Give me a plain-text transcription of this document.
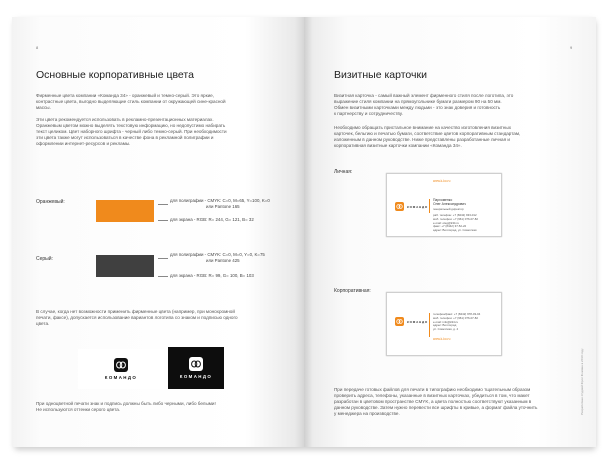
8
Основные корпоративные цвета
Фирменные цвета компании «Команда 34» - оранжевый и темно-серый. Это яркие,
контрастные цвета, выгодно выделяющие стиль компании от окружающей сине-красной
массы.
Эти цвета рекомендуется использовать в рекламно-презентационных материалах.
Оранжевым цветом можно выделять текстовую информацию, но недопустимо набирать
текст целиком. Цвет наборного шрифта - черный либо темно-серый. При необходимости
эти цвета также могут использоваться в качестве фона в рекламной полиграфии и
оформлении интернет-ресурсов и рекламы.
Оранжевый:	для полиграфии - CMYK: C=0, M=65, Y=100, K=0
или Pantone 165
для экрана - RGB: R= 244, G= 121, B= 32
Серый:
для полиграфии - CMYK: C=0, M=0, Y=0, K=75
или Pantone 425
для экрана - RGB: R= 99, G= 100, B= 103
В случае, когда нет возможности применить фирменные цвета (например, при монохромной
печати, факсе), допускается использование вариантов логотипа со знаком и подписью одного
цвета.
КОМАНДО	КОМАНДО
При одноцветной печати знак и подпись должны быть либо черными, либо белыми!
Не используются оттенки серого цвета.
9
Визитные карточки
Визитная карточка - самый важный элемент фирменного стиля после логотипа, это
выражение стиля компании на прямоугольнике бумаги размером 90 на 50 мм.
Обмен визитными карточками между людьми - это знак доверия и готовность
к партнерству и сотрудничеству.
Необходимо обращать пристальное внимание на качество изготовления визитных
карточек, бельгию и печатью бумаги, соответствие цветов корпоративным стандартам,
изложенным в данном руководстве. Ниже представлены разработанные личная и
корпоративная визитные карточки компании «Команда 34».
Личная:
Корпоративная:
www.k-ko.ru
КОМАНДО
Пархоменко
Олег Александрович
генеральный директор
раб. телефон: +7 (8442) 933-012
моб. телефон: +7 (961) 076-07-82
e-mail: oleg@k34.ru
факс: +7 (8442) 37-52-22
адрес: Волгоград, ул. Советская
КОМАНДО
телефон/факс: +7 (8442) 978-03-04
моб. телефон: +7 (961) 076-07-82
e-mail: info@k34.ru
адрес: Волгоград
ул. Советская, д. 4
www.k-ko.ru
При передаче готовых файлов для печати в типографию необходимо тщательным образом
проверить адреса, телефоны, указанные в визитных карточках, убедиться в том, что макет
разработан в цветовом пространстве CMYK, а цвета полностью соответствуют указанным в
данном руководстве. Затем нужно перевести все шрифты в кривые, а формат файла уточнить
у менеджера на производстве.	Разработано студией Фрол Фомина в 2010 году
